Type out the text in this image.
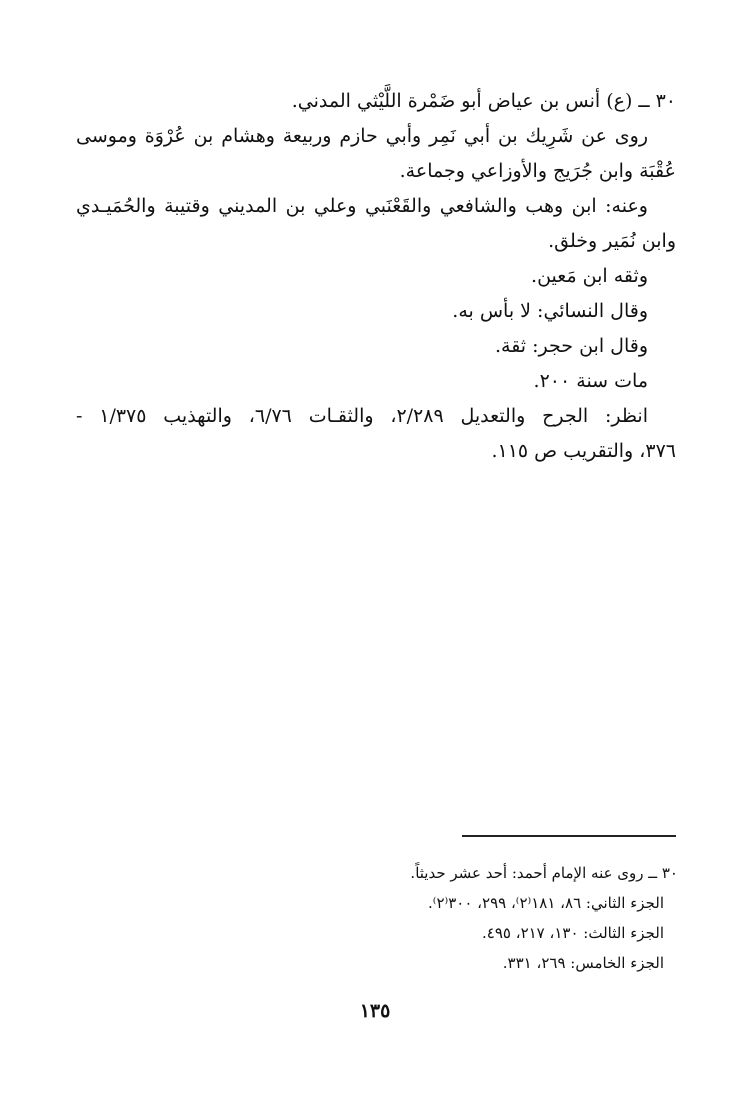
٣٠ ــ (ع) أنس بن عياض أبو ضَمْرة اللَّيْثي المدني.
روى عن شَرِيك بن أبي نَمِر وأبي حازم وربيعة وهشام بن عُرْوَة وموسى
عُقْبَة وابن جُرَيج والأوزاعي وجماعة.
وعنه: ابن وهب والشافعي والقَعْنَبي وعلي بن المديني وقتيبة والحُمَيـدي
وابن نُمَير وخلق.
وثقه ابن مَعين.
وقال النسائي: لا بأس به.
وقال ابن حجر: ثقة.
مات سنة ٢٠٠.
انظر: الجرح والتعديل ٢/٢٨٩، والثقـات ٦/٧٦، والتهذيب ١/٣٧٥ -
٣٧٦، والتقريب ص ١١٥.
٣٠ ــ روى عنه الإمام أحمد: أحد عشر حديثاً.
الجزء الثاني: ٨٦، ١٨١⁽٢⁾، ٢٩٩، ٣٠٠⁽٢⁾.
الجزء الثالث: ١٣٠، ٢١٧، ٤٩٥.
الجزء الخامس: ٢٦٩، ٣٣١.
١٣٥
